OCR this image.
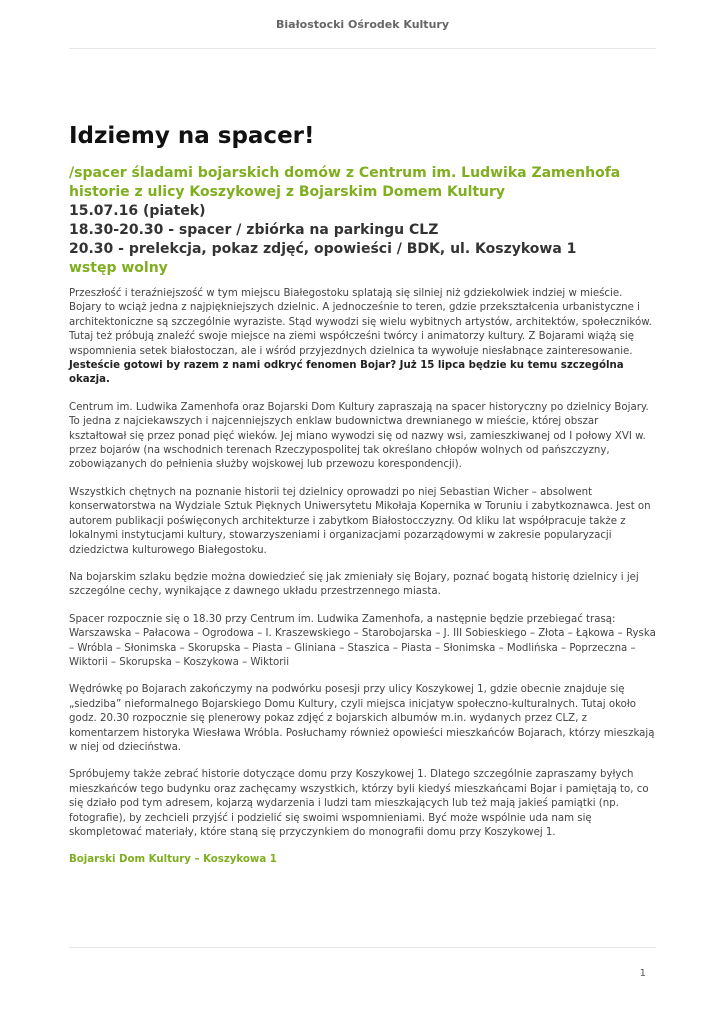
Białostocki Ośrodek Kultury
Idziemy na spacer!

/spacer śladami bojarskich domów z Centrum im. Ludwika Zamenhofa

historie z ulicy Koszykowej z Bojarskim Domem Kultury

15.07.16 (piatek)

18.30-20.30 - spacer / zbiórka na parkingu CLZ

20.30 - prelekcja, pokaz zdjęć, opowieści / BDK, ul. Koszykowa 1

wstęp wolny

Przeszłość i teraźniejszość w tym miejscu Białegostoku splatają się silniej niż gdziekolwiek indziej w mieście. Bojary to wciąż jedna z najpiękniejszych dzielnic. A jednocześnie to teren, gdzie przekształcenia urbanistyczne i architektoniczne są szczególnie wyraziste. Stąd wywodzi się wielu wybitnych artystów, architektów, społeczników. Tutaj też próbują znaleźć swoje miejsce na ziemi współcześni twórcy i animatorzy kultury. Z Bojarami wiążą się wspomnienia setek białostoczan, ale i wśród przyjezdnych dzielnica ta wywołuje niesłabnące zainteresowanie. Jesteście gotowi by razem z nami odkryć fenomen Bojar? Już 15 lipca będzie ku temu szczególna okazja.

Centrum im. Ludwika Zamenhofa oraz Bojarski Dom Kultury zapraszają na spacer historyczny po dzielnicy Bojary. To jedna z najciekawszych i najcenniejszych enklaw budownictwa drewnianego w mieście, której obszar kształtował się przez ponad pięć wieków. Jej miano wywodzi się od nazwy wsi, zamieszkiwanej od I połowy XVI w. przez bojarów (na wschodnich terenach Rzeczypospolitej tak określano chłopów wolnych od pańszczyzny, zobowiązanych do pełnienia służby wojskowej lub przewozu korespondencji).

Wszystkich chętnych na poznanie historii tej dzielnicy oprowadzi po niej Sebastian Wicher – absolwent konserwatorstwa na Wydziale Sztuk Pięknych Uniwersytetu Mikołaja Kopernika w Toruniu i zabytkoznawca. Jest on autorem publikacji poświęconych architekturze i zabytkom Białostocczyzny. Od kliku lat współpracuje także z lokalnymi instytucjami kultury, stowarzyszeniami i organizacjami pozarządowymi w zakresie popularyzacji dziedzictwa kulturowego Białegostoku.

Na bojarskim szlaku będzie można dowiedzieć się jak zmieniały się Bojary, poznać bogatą historię dzielnicy i jej szczególne cechy, wynikające z dawnego układu przestrzennego miasta.

Spacer rozpocznie się o 18.30 przy Centrum im. Ludwika Zamenhofa, a następnie będzie przebiegać trasą: Warszawska – Pałacowa – Ogrodowa – I. Kraszewskiego – Starobojarska – J. III Sobieskiego – Złota – Łąkowa – Ryska – Wróbla – Słonimska – Skorupska – Piasta – Gliniana – Staszica – Piasta – Słonimska – Modlińska – Poprzeczna – Wiktorii – Skorupska – Koszykowa – Wiktorii

Wędrówkę po Bojarach zakończymy na podwórku posesji przy ulicy Koszykowej 1, gdzie obecnie znajduje się „siedziba” nieformalnego Bojarskiego Domu Kultury, czyli miejsca inicjatyw społeczno-kulturalnych. Tutaj około godz. 20.30 rozpocznie się plenerowy pokaz zdjęć z bojarskich albumów m.in. wydanych przez CLZ, z komentarzem historyka Wiesława Wróbla. Posłuchamy również opowieści mieszkańców Bojarach, którzy mieszkają w niej od dzieciństwa.

Spróbujemy także zebrać historie dotyczące domu przy Koszykowej 1. Dlatego szczególnie zapraszamy byłych mieszkańców tego budynku oraz zachęcamy wszystkich, którzy byli kiedyś mieszkańcami Bojar i pamiętają to, co się działo pod tym adresem, kojarzą wydarzenia i ludzi tam mieszkających lub też mają jakieś pamiątki (np. fotografie), by zechcieli przyjść i podzielić się swoimi wspomnieniami. Być może wspólnie uda nam się skompletować materiały, które staną się przyczynkiem do monografii domu przy Koszykowej 1.

Bojarski Dom Kultury – Koszykowa 1

1
